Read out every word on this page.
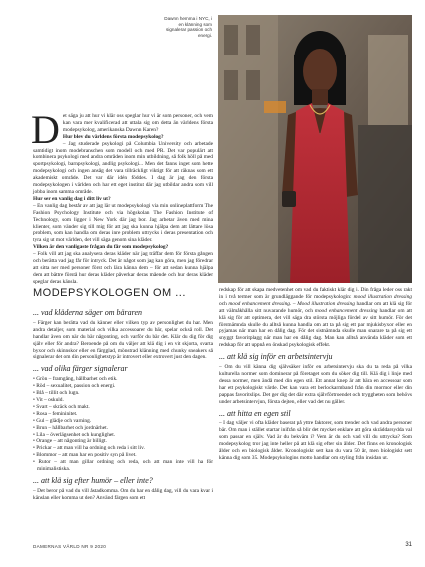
Dawnn hemma i NYC, i en klänning som signalerar passion och energi.
D et säga ju att hur vi klär oss speglar hur vi är som personer, och vem kan vara mer kvalificerad att uttala sig om detta än världens första modepsykolog, amerikanska Dawnn Karen?

Hur blev du världens första modepsykolog?

– Jag studerade psykologi på Columbia University och arbetade samtidigt inom modebranschen som modell och med PR. Det var populärt att kombinera psykologi med andra områden inom min utbildning, så folk höll på med sportpsykologi, barnpsykologi, andlig psykologi... Men det fanns inget som hette modepsykologi och ingen ansåg det vara tillräckligt viktigt för att räknas som ett akademiskt område. Det var där idén föddes. I dag är jag den första modepsykologen i världen och har ett eget institut där jag utbildar andra som vill jobba inom samma område.

Hur ser en vanlig dag i ditt liv ut?

– En vanlig dag består av att jag lär ut modepsykologi via min onlineplattform The Fashion Psychology Institute och via högskolan The Fashion Institute of Technology, som ligger i New York där jag bor. Jag arbetar även med mina klienter, som vänder sig till mig för att jag ska kunna hjälpa dem att lättare lösa problem, som kan handla om deras inre problem uttrycks i deras presentation och tyra sig ut mot världen, det vill säga genom sina kläder.

Vilken är den vanligaste frågan du får som modepsykolog?

– Folk vill att jag ska analysera deras kläder när jag träffar dem för första gången och berätta vad jag får för intryck. Det är något som jag kan göra, men jag föredrar att sitta ner med personer först och lära känna dem – för att sedan kunna hjälpa dem att bättre förstå hur deras kläder påverkar deras mående och hur deras kläder speglar deras känsla.

MODEPSYKOLOGEN OM ...
... vad kläderna säger om bäraren

– Färger kan berätta vad du känner eller vilken typ av personlighet du har. Men andra detaljer, som material och vilka accessoarer du bär, spelar också roll. Det handlar även om när du bär någonting, och varför du bär det. Klär du dig för dig själv eller för andra? Beroende på om du väljer att klä dig i en vit skjorta, svarta byxor och skinnskor eller en färgglad, mönstrad klänning med chunky sneakers så signalerar det om din personlighetstyp är introvert eller extrovert just den dagen.

... vad olika färger signalerar
• Grön – framgång, hållbarhet och etik.
• Röd – sexualitet, passion och energi.
• Blå – tillit och lugn.
• Vit – oskuld.
• Svart – skräck och makt.
• Rosa – femininitet.
• Gul – glädje och varning.
• Brun – hållbarhet och jordnärhet.
• Lila – överlägsenhet och kunglighet.
• Orange – att någonting är billigt.
• Prickar – att man vill ha ordning och reda i sitt liv.
• Blommor – att man har en positiv syn på livet.
• Rutor – att man gillar ordning och reda, och att man inte vill ha för minimalistiska.
... att klä sig efter humör – eller inte?

– Det beror på vad du vill åstadkomma. Om du har en dålig dag, vill du vara kvar i känslan eller komma ut den? Använd färgen som ett

redskap för att skapa medvetenhet om vad du faktiskt klär dig i. Din fråga leder oss rakt in i två termer som är grundläggande för modepsykologin: mood illustration dressing och mood enhancement dressing. – Mood illustration dressing handlar om att klä sig för att välmåkhålla sitt nuvarande humör, och mood enhancement dressing handlar om att klä sig för att optimera, det vill säga dra största möjliga fördel av sitt humör. För det förstnämnda skulle du alltså kunna handla om att ta på sig ett par mjukisbyxor eller en pyjamas när man har en dålig dag. För det sistnämnda skulle man snarare ta på sig ett snyggt favoritplagg när man har en dålig dag. Man kan alltså använda kläder som ett redskap för att uppnå en önskad psykologisk effekt.

... att klä sig inför en arbetsintervju

– Om du vill känna dig självsäker inför en arbetsintervju ska du ta reda på vilka kulturella normer som dominerar på företaget som du söker dig till. Klä dig i linje med dessa normer, men ändå med din egen stil. Ett annat knep är att bära en accessoar som har ett psykologiskt värde. Det kan vara ett berlockarmband från din mormor eller din pappas favoritslips. Det ger dig det där extra självförtroendet och tryggheten som behövs under arbetsintervjun, första dejten, eller vad det nu gäller.

... att hitta en egen stil

– I dag väljer vi ofta kläder baserat på yttre faktorer, som trender och vad andra personer bär. Om man i stället startar inifrån så blir det mycket enklare att göra skräddarsydda val som passar en själv. Vad är du bekväm i? Vem är du och vad vill du uttrycka? Som modepsykolog tror jag inte heller på att klä sig efter sin ålder. Det finns en kronologisk ålder och en biologisk ålder. Kronologiskt sett kan du vara 50 år, men biologiskt sett känna dig som 35. Modepsykologins motto handlar om styling från insidan ut.

DAMERNAS VÄRLD NR 9 2020	31
